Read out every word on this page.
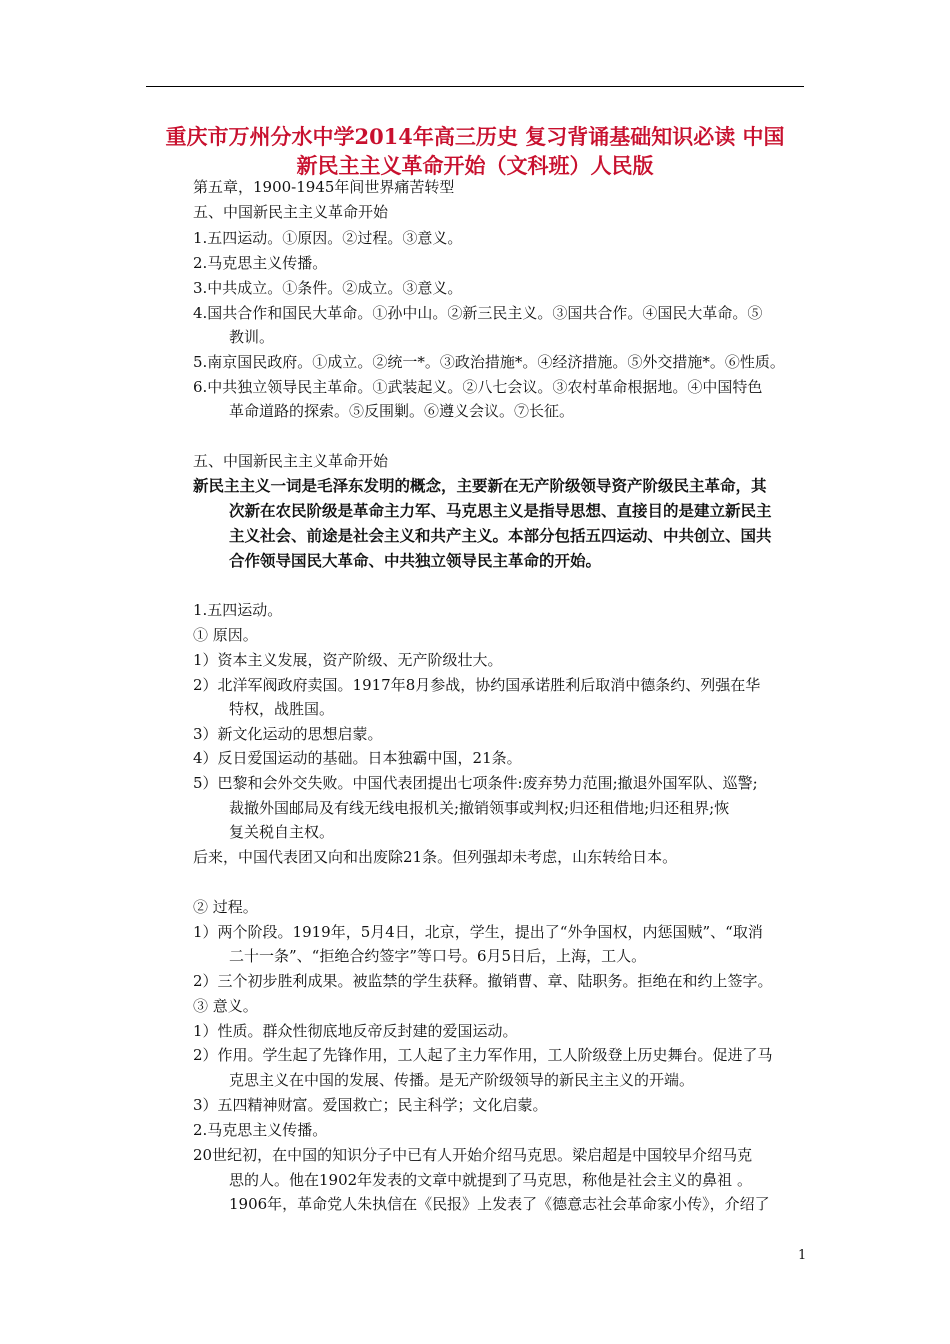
重庆市万州分水中学2014年高三历史 复习背诵基础知识必读 中国
新民主主义革命开始（文科班）人民版
第五章，1900-1945年间世界痛苦转型
五、中国新民主主义革命开始
1.五四运动。①原因。②过程。③意义。
2.马克思主义传播。
3.中共成立。①条件。②成立。③意义。
4.国共合作和国民大革命。①孙中山。②新三民主义。③国共合作。④国民大革命。⑤
教训。
5.南京国民政府。①成立。②统一*。③政治措施*。④经济措施。⑤外交措施*。⑥性质。
6.中共独立领导民主革命。①武装起义。②八七会议。③农村革命根据地。④中国特色
革命道路的探索。⑤反围剿。⑥遵义会议。⑦长征。
五、中国新民主主义革命开始
新民主主义一词是毛泽东发明的概念，主要新在无产阶级领导资产阶级民主革命，其
次新在农民阶级是革命主力军、马克思主义是指导思想、直接目的是建立新民主
主义社会、前途是社会主义和共产主义。本部分包括五四运动、中共创立、国共
合作领导国民大革命、中共独立领导民主革命的开始。
1.五四运动。
① 原因。
1）资本主义发展，资产阶级、无产阶级壮大。
2）北洋军阀政府卖国。1917年8月参战，协约国承诺胜利后取消中德条约、列强在华
特权，战胜国。
3）新文化运动的思想启蒙。
4）反日爱国运动的基础。日本独霸中国，21条。
5）巴黎和会外交失败。中国代表团提出七项条件:废弃势力范围;撤退外国军队、巡警;
裁撤外国邮局及有线无线电报机关;撤销领事或判权;归还租借地;归还租界;恢
复关税自主权。
后来，中国代表团又向和出废除21条。但列强却未考虑，山东转给日本。
② 过程。
1）两个阶段。1919年，5月4日，北京，学生，提出了“外争国权，内惩国贼”、“取消
二十一条”、“拒绝合约签字”等口号。6月5日后，上海，工人。
2）三个初步胜利成果。被监禁的学生获释。撤销曹、章、陆职务。拒绝在和约上签字。
③ 意义。
1）性质。群众性彻底地反帝反封建的爱国运动。
2）作用。学生起了先锋作用，工人起了主力军作用，工人阶级登上历史舞台。促进了马
克思主义在中国的发展、传播。是无产阶级领导的新民主主义的开端。
3）五四精神财富。爱国救亡；民主科学；文化启蒙。
2.马克思主义传播。
20世纪初，在中国的知识分子中已有人开始介绍马克思。梁启超是中国较早介绍马克
思的人。他在1902年发表的文章中就提到了马克思，称他是社会主义的鼻祖 。
1906年，革命党人朱执信在《民报》上发表了《德意志社会革命家小传》，介绍了
1
